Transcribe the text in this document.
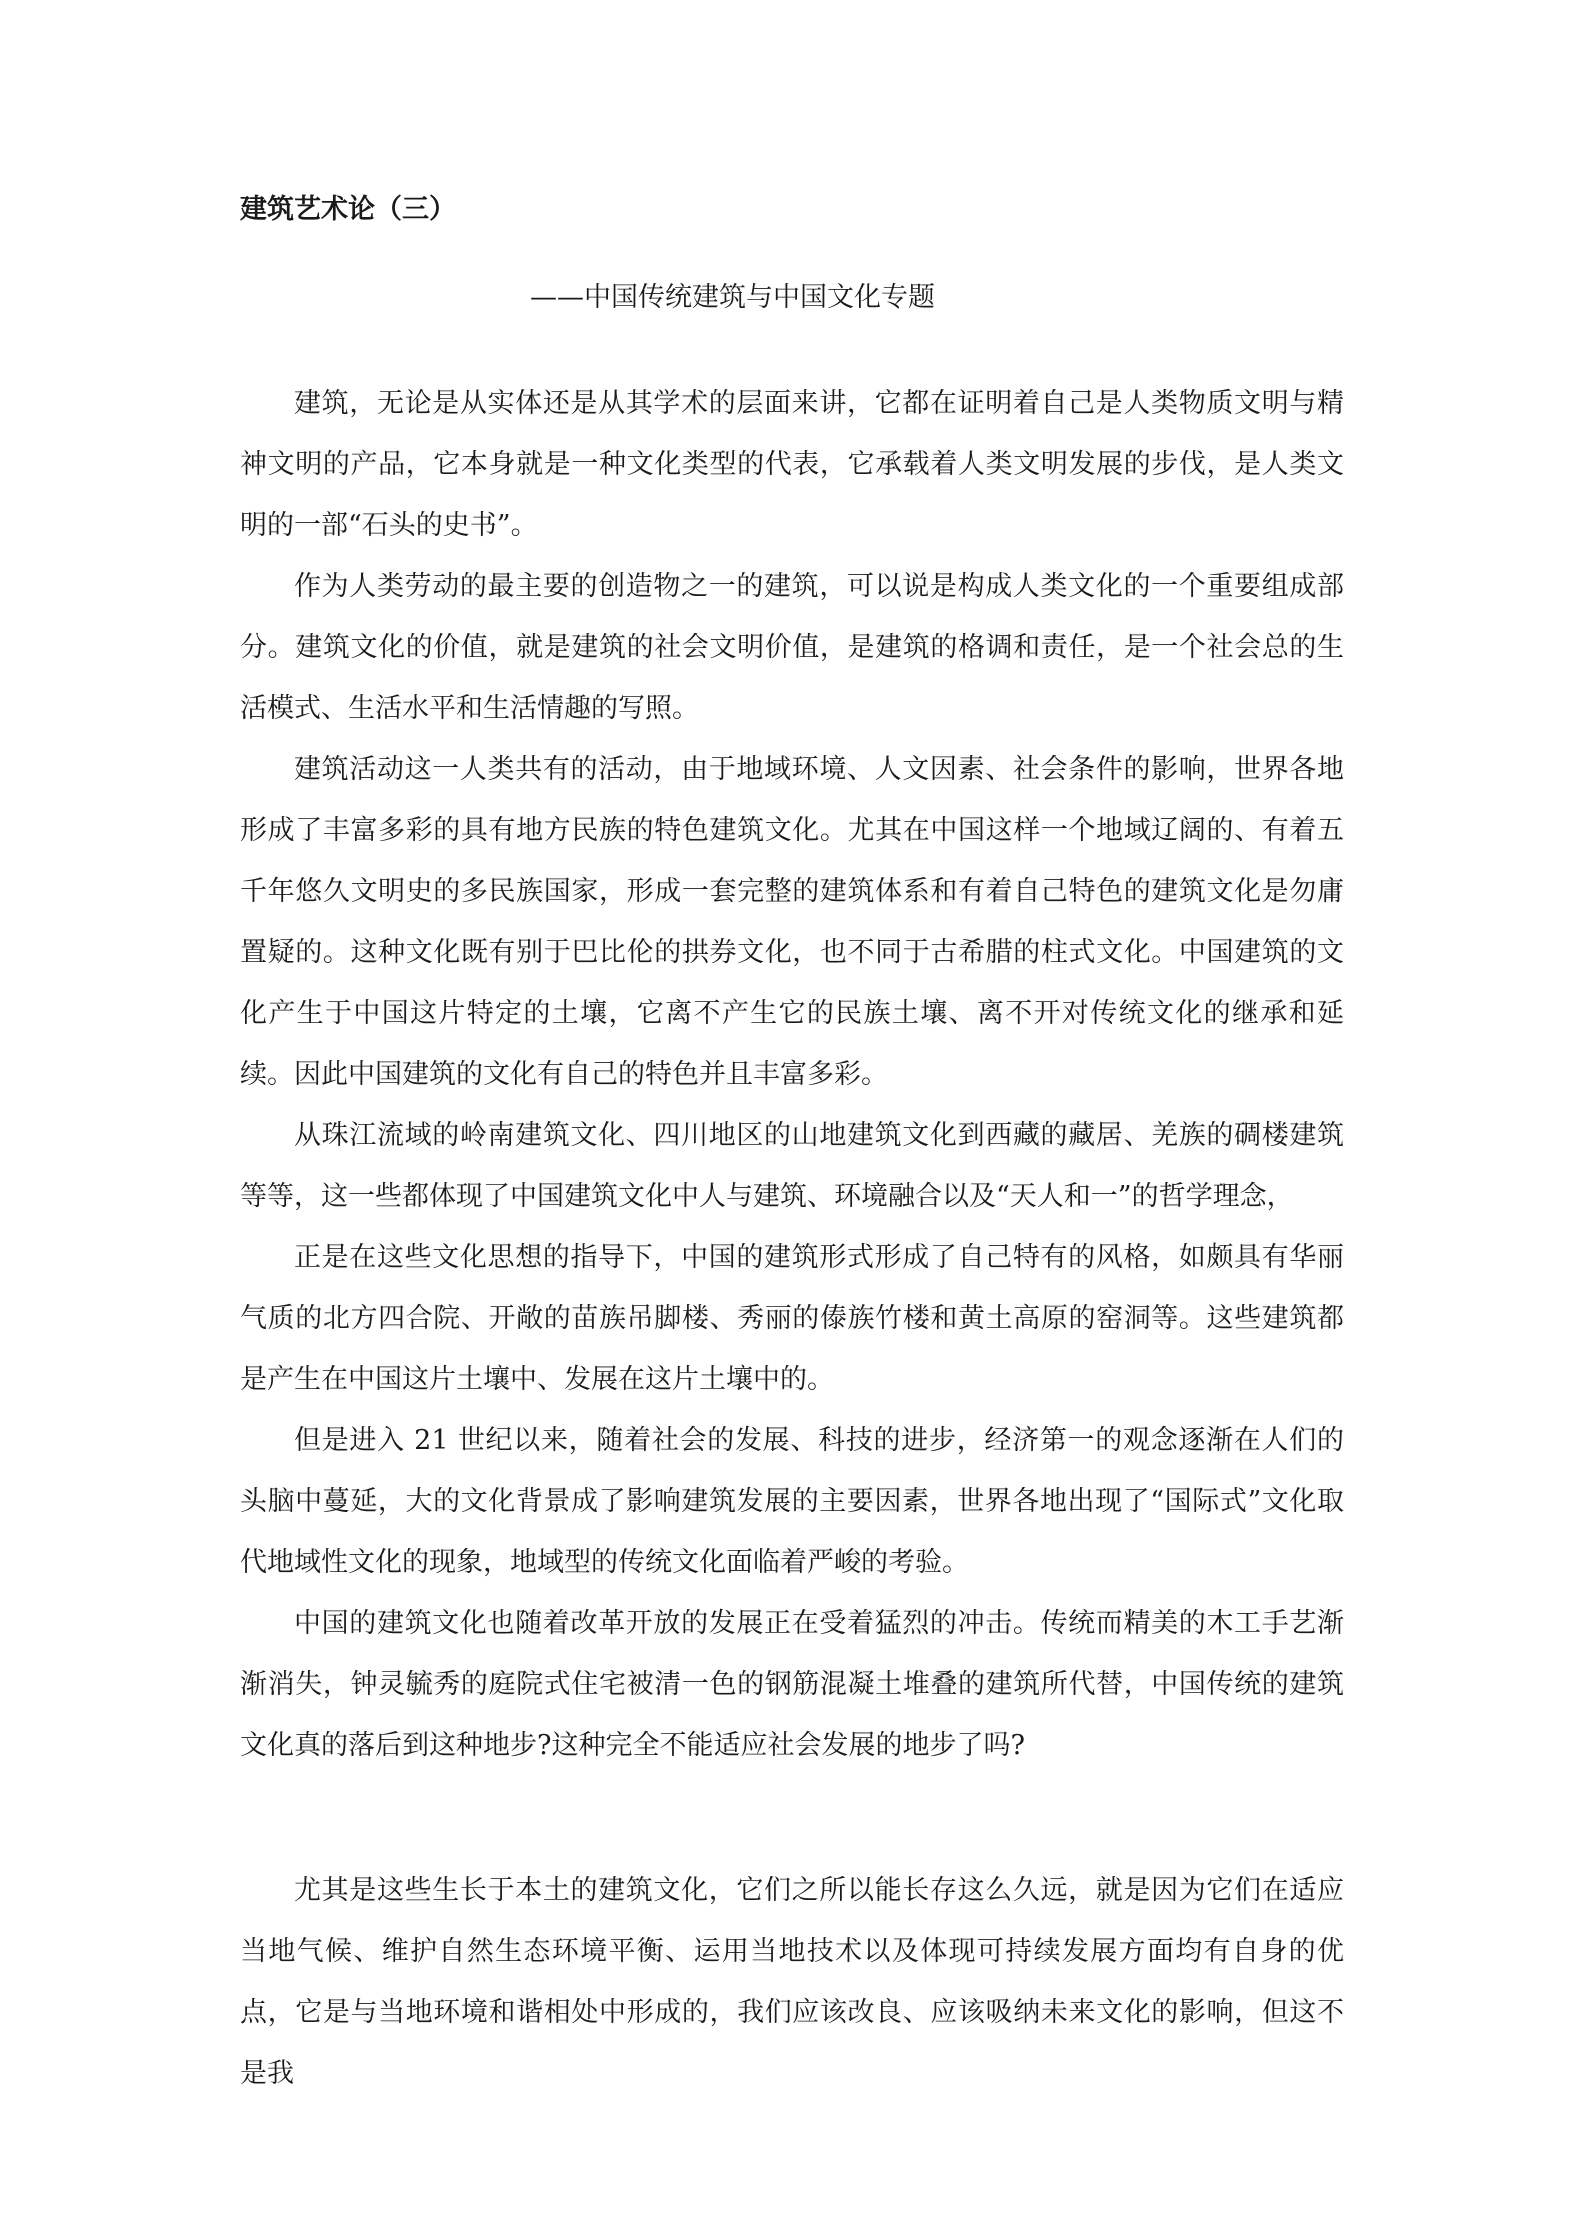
建筑艺术论（三）
——中国传统建筑与中国文化专题

建筑，无论是从实体还是从其学术的层面来讲，它都在证明着自己是人类物质文明与精神文明的产品，它本身就是一种文化类型的代表，它承载着人类文明发展的步伐，是人类文明的一部“石头的史书”。

作为人类劳动的最主要的创造物之一的建筑，可以说是构成人类文化的一个重要组成部分。建筑文化的价值，就是建筑的社会文明价值，是建筑的格调和责任，是一个社会总的生活模式、生活水平和生活情趣的写照。

建筑活动这一人类共有的活动，由于地域环境、人文因素、社会条件的影响，世界各地形成了丰富多彩的具有地方民族的特色建筑文化。尤其在中国这样一个地域辽阔的、有着五千年悠久文明史的多民族国家，形成一套完整的建筑体系和有着自己特色的建筑文化是勿庸置疑的。这种文化既有别于巴比伦的拱券文化，也不同于古希腊的柱式文化。中国建筑的文化产生于中国这片特定的土壤，它离不产生它的民族土壤、离不开对传统文化的继承和延续。 因此中国建筑的文化有自己的特色并且丰富多彩。

从珠江流域的岭南建筑文化、四川地区的山地建筑文化到西藏的藏居、羌族的碉楼建筑等等，这一些都体现了中国建筑文化中人与建筑、环境融合以及“天人和一”的哲学理念，

正是在这些文化思想的指导下，中国的建筑形式形成了自己特有的风格，如颇具有华丽气质的北方四合院、开敞的苗族吊脚楼、秀丽的傣族竹楼和黄土高原的窑洞等。这些建筑都是产生在中国这片土壤中、发展在这片土壤中的。

但是进入 21 世纪以来，随着社会的发展、科技的进步，经济第一的观念逐渐在人们的头脑中蔓延，大的文化背景成了影响建筑发展的主要因素，世界各地出现了“国际式”文化取代地域性文化的现象，地域型的传统文化面临着严峻的考验。

中国的建筑文化也随着改革开放的发展正在受着猛烈的冲击。传统而精美的木工手艺渐渐消失，钟灵毓秀的庭院式住宅被清一色的钢筋混凝土堆叠的建筑所代替，中国传统的建筑文化真的落后到这种地步?这种完全不能适应社会发展的地步了吗?

尤其是这些生长于本土的建筑文化，它们之所以能长存这么久远，就是因为它们在适应当地气候、维护自然生态环境平衡、运用当地技术以及体现可持续发展方面均有自身的优点，它是与当地环境和谐相处中形成的，我们应该改良、应该吸纳未来文化的影响，但这不是我
